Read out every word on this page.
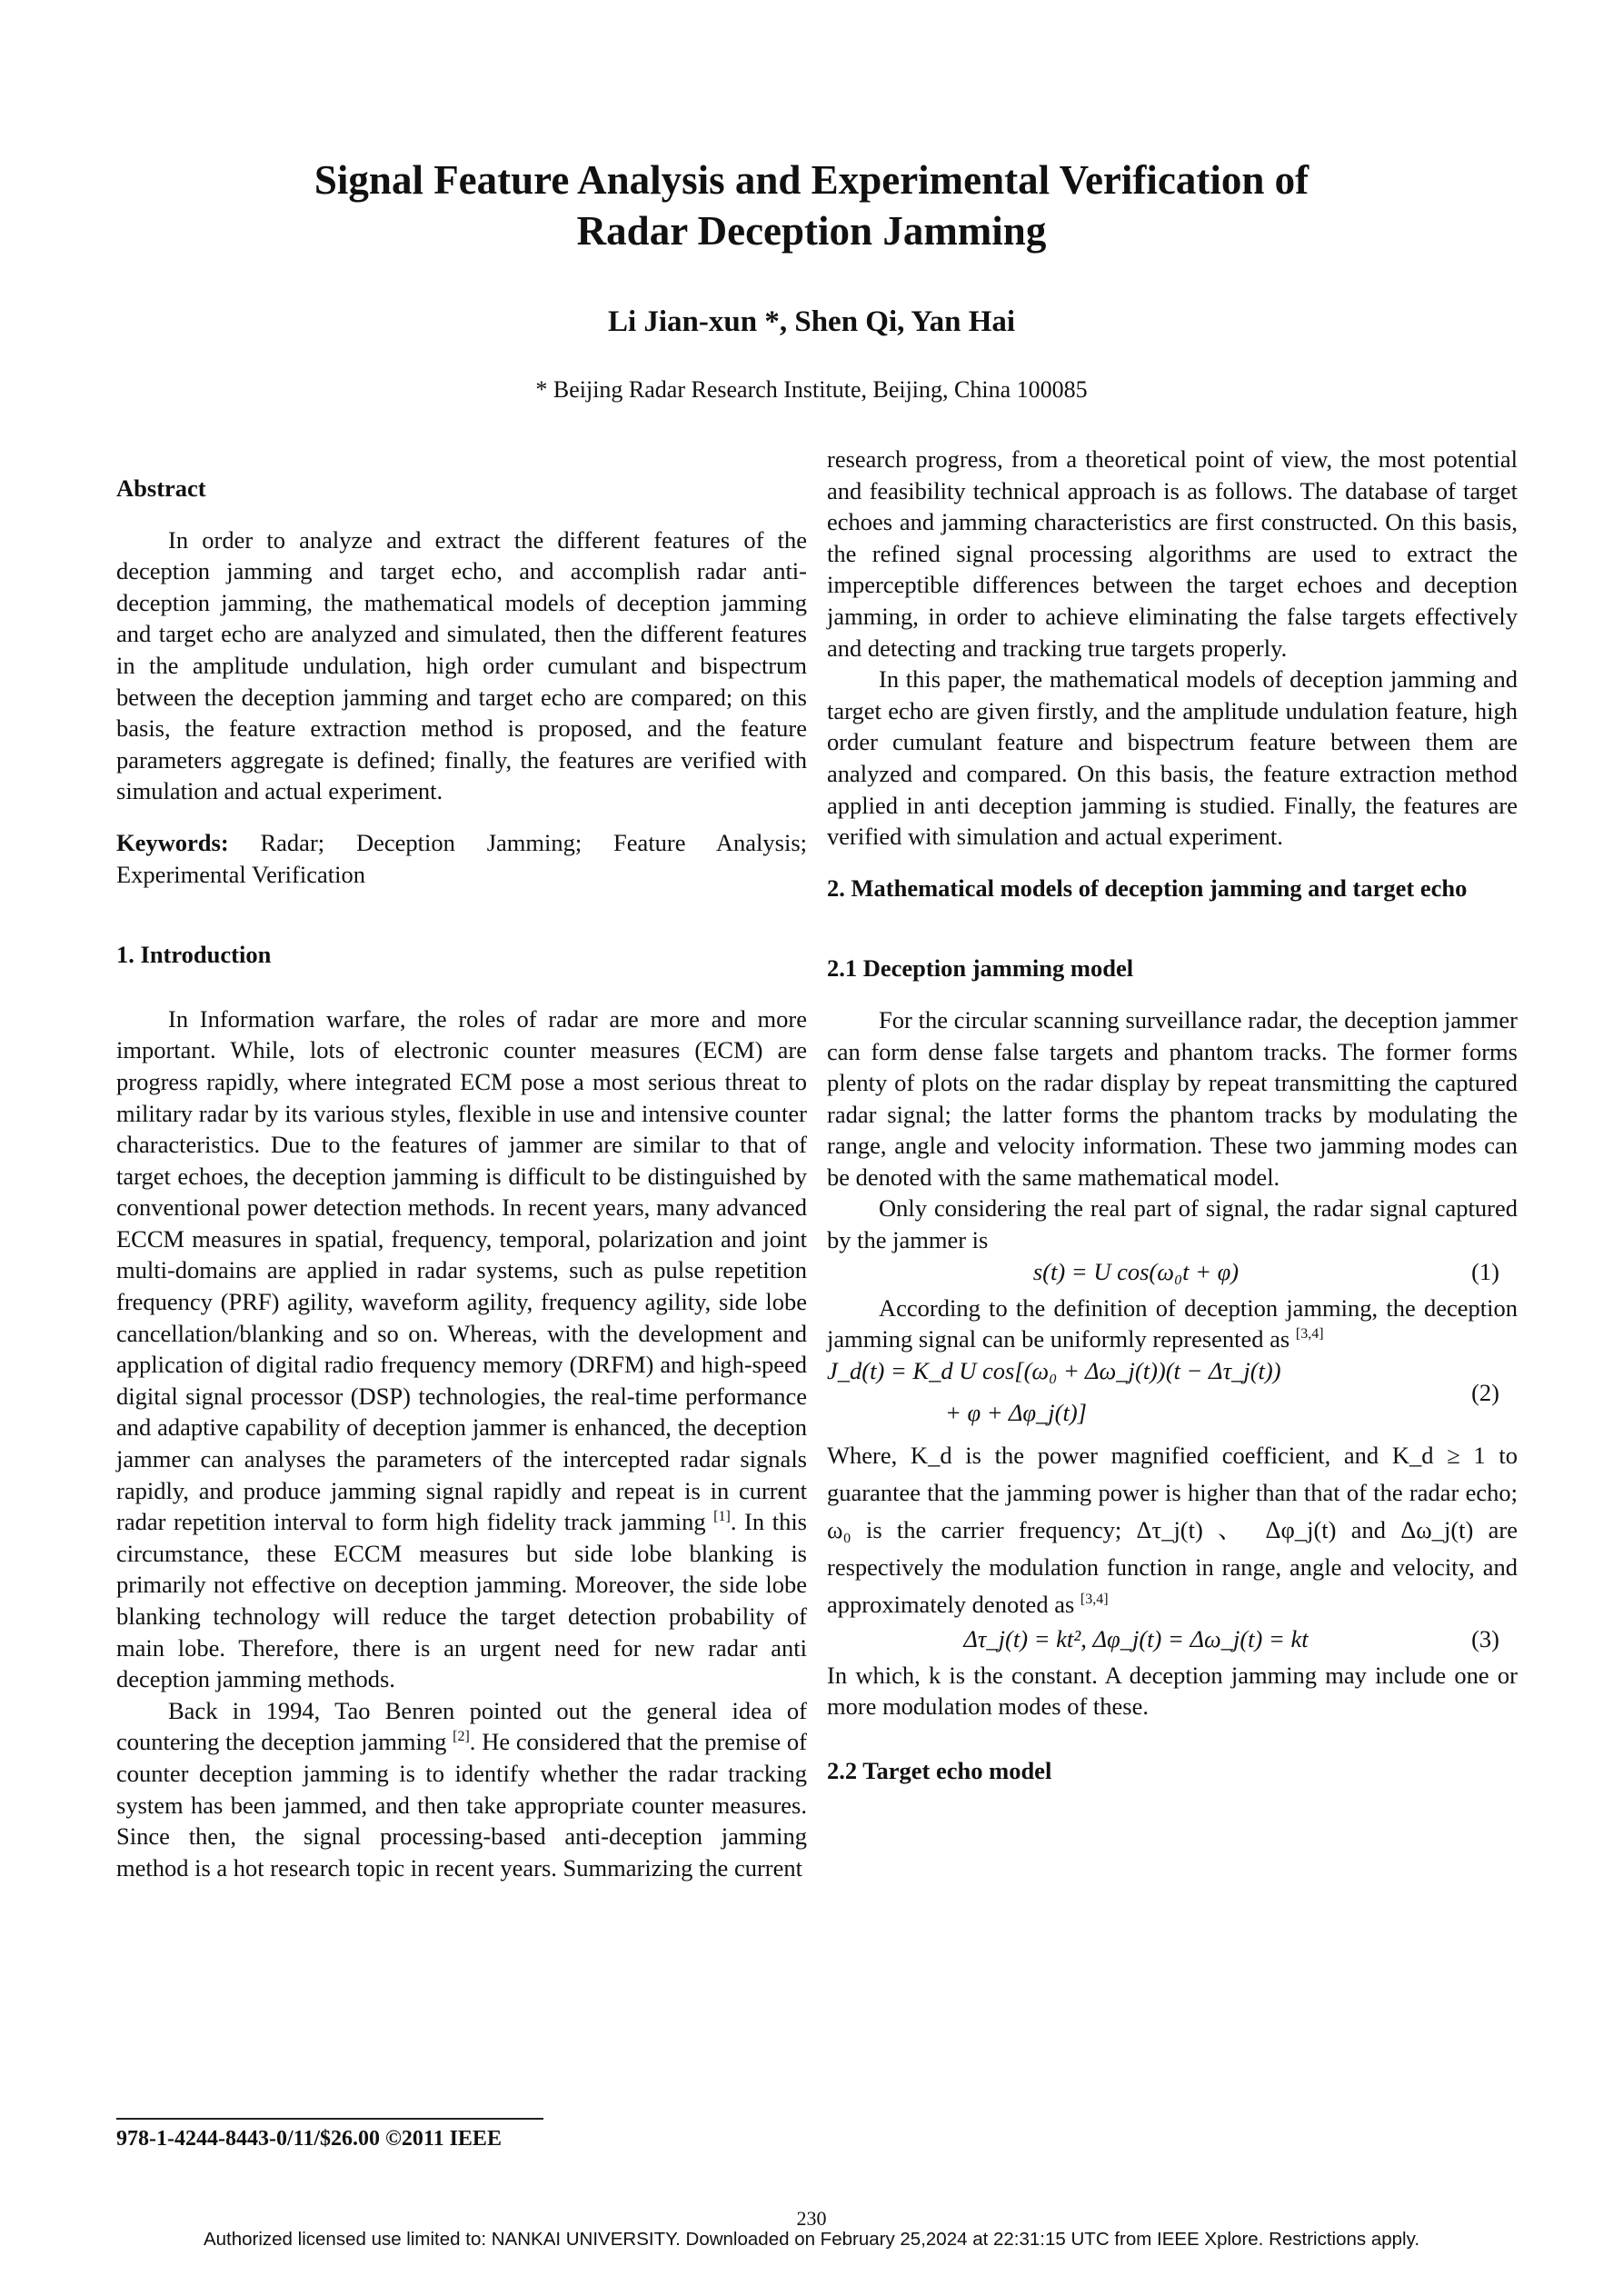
Signal Feature Analysis and Experimental Verification of
Radar Deception Jamming
Li Jian-xun *, Shen Qi, Yan Hai
* Beijing Radar Research Institute, Beijing, China 100085

Abstract

In order to analyze and extract the different features of the deception jamming and target echo, and accomplish radar anti-deception jamming, the mathematical models of deception jamming and target echo are analyzed and simulated, then the different features in the amplitude undulation, high order cumulant and bispectrum between the deception jamming and target echo are compared; on this basis, the feature extraction method is proposed, and the feature parameters aggregate is defined; finally, the features are verified with simulation and actual experiment.

Keywords: Radar; Deception Jamming; Feature Analysis; Experimental Verification

1. Introduction

In Information warfare, the roles of radar are more and more important. While, lots of electronic counter measures (ECM) are progress rapidly, where integrated ECM pose a most serious threat to military radar by its various styles, flexible in use and intensive counter characteristics. Due to the features of jammer are similar to that of target echoes, the deception jamming is difficult to be distinguished by conventional power detection methods. In recent years, many advanced ECCM measures in spatial, frequency, temporal, polarization and joint multi-domains are applied in radar systems, such as pulse repetition frequency (PRF) agility, waveform agility, frequency agility, side lobe cancellation/blanking and so on. Whereas, with the development and application of digital radio frequency memory (DRFM) and high-speed digital signal processor (DSP) technologies, the real-time performance and adaptive capability of deception jammer is enhanced, the deception jammer can analyses the parameters of the intercepted radar signals rapidly, and produce jamming signal rapidly and repeat is in current radar repetition interval to form high fidelity track jamming [1]. In this circumstance, these ECCM measures but side lobe blanking is primarily not effective on deception jamming. Moreover, the side lobe blanking technology will reduce the target detection probability of main lobe. Therefore, there is an urgent need for new radar anti deception jamming methods.

Back in 1994, Tao Benren pointed out the general idea of countering the deception jamming [2]. He considered that the premise of counter deception jamming is to identify whether the radar tracking system has been jammed, and then take appropriate counter measures. Since then, the signal processing-based anti-deception jamming method is a hot research topic in recent years. Summarizing the current

research progress, from a theoretical point of view, the most potential and feasibility technical approach is as follows. The database of target echoes and jamming characteristics are first constructed. On this basis, the refined signal processing algorithms are used to extract the imperceptible differences between the target echoes and deception jamming, in order to achieve eliminating the false targets effectively and detecting and tracking true targets properly.

In this paper, the mathematical models of deception jamming and target echo are given firstly, and the amplitude undulation feature, high order cumulant feature and bispectrum feature between them are analyzed and compared. On this basis, the feature extraction method applied in anti deception jamming is studied. Finally, the features are verified with simulation and actual experiment.

2. Mathematical models of deception jamming and target echo

2.1 Deception jamming model

For the circular scanning surveillance radar, the deception jammer can form dense false targets and phantom tracks. The former forms plenty of plots on the radar display by repeat transmitting the captured radar signal; the latter forms the phantom tracks by modulating the range, angle and velocity information. These two jamming modes can be denoted with the same mathematical model.

Only considering the real part of signal, the radar signal captured by the jammer is

s(t) = U cos(ω₀t + φ)	(1)

According to the definition of deception jamming, the deception jamming signal can be uniformly represented as [3,4]

J_d(t) = K_d U cos[(ω₀ + Δω_j(t))(t − Δτ_j(t))
+ φ + Δφ_j(t)]
(2)

Where, K_d is the power magnified coefficient, and K_d ≥ 1 to guarantee that the jamming power is higher than that of the radar echo; ω₀ is the carrier frequency; Δτ_j(t) 、 Δφ_j(t) and Δω_j(t) are respectively the modulation function in range, angle and velocity, and approximately denoted as [3,4]

Δτ_j(t) = kt², Δφ_j(t) = Δω_j(t) = kt	(3)

In which, k is the constant. A deception jamming may include one or more modulation modes of these.

2.2 Target echo model

978-1-4244-8443-0/11/$26.00 ©2011 IEEE
230
Authorized licensed use limited to: NANKAI UNIVERSITY. Downloaded on February 25,2024 at 22:31:15 UTC from IEEE Xplore. Restrictions apply.
